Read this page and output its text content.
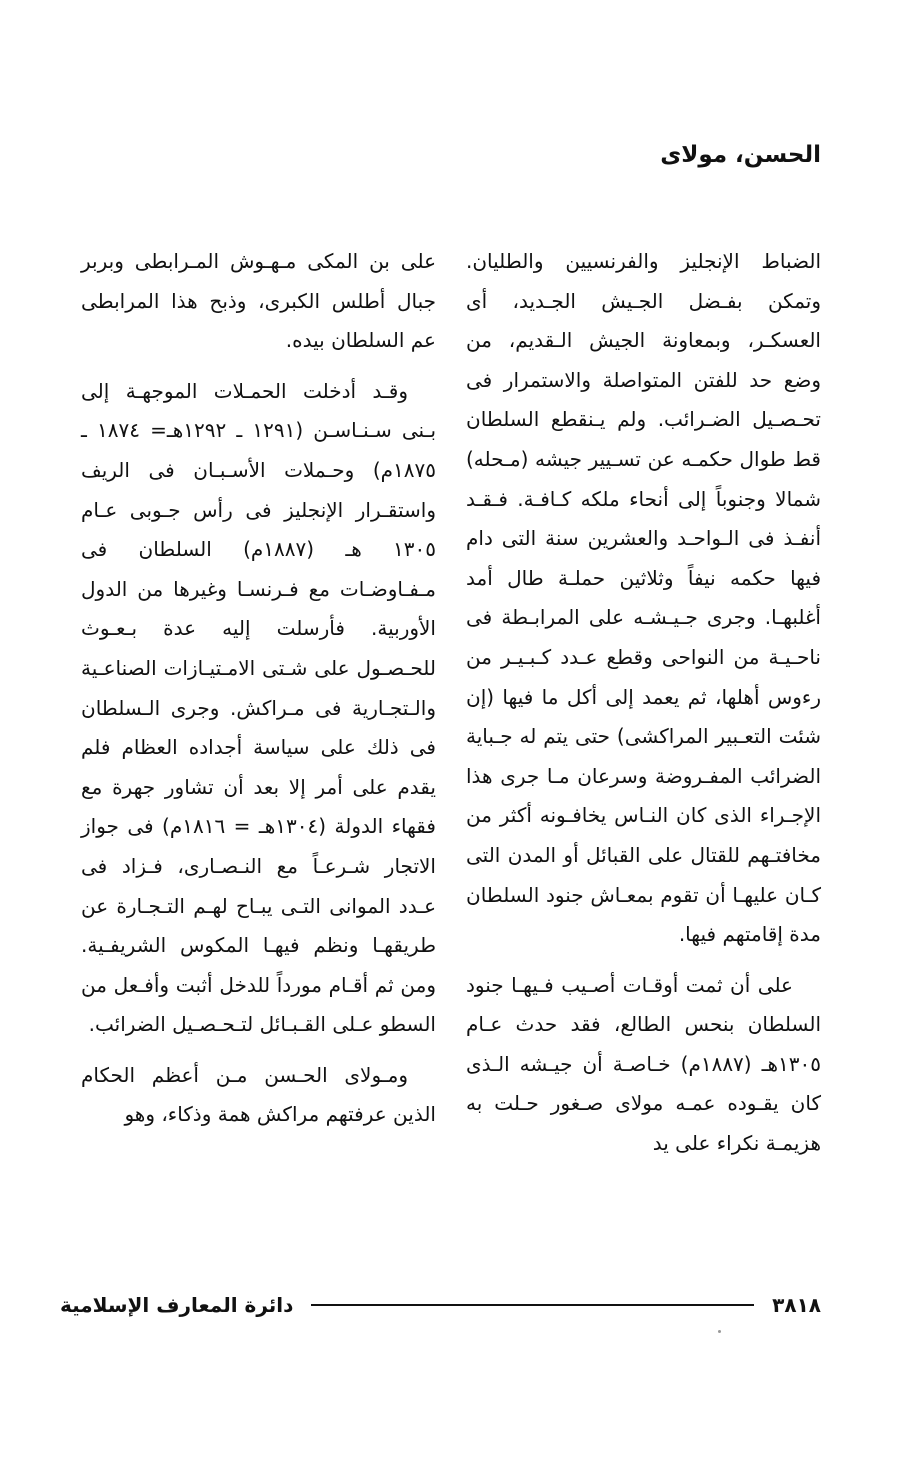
الحسن، مولاى

الضباط الإنجليز والفرنسيين والطليان. وتمكن بفـضل الجـيش الجـديد، أى العسكـر، وبمعاونة الجيش الـقديم، من وضع حد للفتن المتواصلة والاستمرار فى تحـصـيل الضـرائب. ولم يـنقطع السلطان قط طوال حكمـه عن تسـيير جيشه (مـحله) شمالا وجنوباً إلى أنحاء ملكه كـافـة. فـقـد أنفـذ فى الـواحـد والعشرين سنة التى دام فيها حكمه نيفاً وثلاثين حملـة طال أمد أغلبهـا. وجرى جـيـشـه على المرابـطة فى ناحـيـة من النواحى وقطع عـدد كـبـيـر من رءوس أهلها، ثم يعمد إلى أكل ما فيها (إن شئت التعـبير المراكشى) حتى يتم له جـباية الضرائب المفـروضة وسرعان مـا جرى هذا الإجـراء الذى كان النـاس يخافـونه أكثر من مخافتـهم للقتال على القبائل أو المدن التى كـان عليهـا أن تقوم بمعـاش جنود السلطان مدة إقامتهم فيها.

على أن ثمت أوقـات أصـيب فـيهـا جنود السلطان بنحس الطالع، فقد حدث عـام ١٣٠٥هـ (١٨٨٧م) خـاصـة أن جيـشه الـذى كان يقـوده عمـه مولاى صـغور حـلت به هزيمـة نكراء على يد

على بن المكى مـهـوش المـرابطى وبربر جبال أطلس الكبرى، وذبح هذا المرابطى عم السلطان بيده.

وقـد أدخلت الحمـلات الموجهـة إلى بـنى سـنـاسـن (١٢٩١ ـ ١٢٩٢هـ= ١٨٧٤ ـ ١٨٧٥م) وحـملات الأسـبـان فى الريف واستقـرار الإنجليز فى رأس جـوبى عـام ١٣٠٥ هـ (١٨٨٧م) السلطان فى مـفـاوضـات مع فـرنسـا وغيرها من الدول الأوربية. فأرسلت إليه عدة بـعـوث للحـصـول على شـتى الامـتيـازات الصناعـية والـتجـارية فى مـراكش. وجرى الـسلطان فى ذلك على سياسة أجداده العظام فلم يقدم على أمر إلا بعد أن تشاور جهرة مع فقهاء الدولة (١٣٠٤هـ = ١٨١٦م) فى جواز الاتجار شـرعـاً مع النـصـارى، فـزاد فى عـدد الموانى التـى يبـاح لهـم التـجـارة عن طريقهـا ونظم فيهـا المكوس الشريفـية. ومن ثم أقـام مورداً للدخل أثبت وأفـعل من السطو عـلى القـبـائل لتـحـصـيل الضرائب.

ومـولاى الحـسن مـن أعظم الحكام الذين عرفتهم مراكش همة وذكاء، وهو

٣٨١٨
دائرة المعارف الإسلامية
